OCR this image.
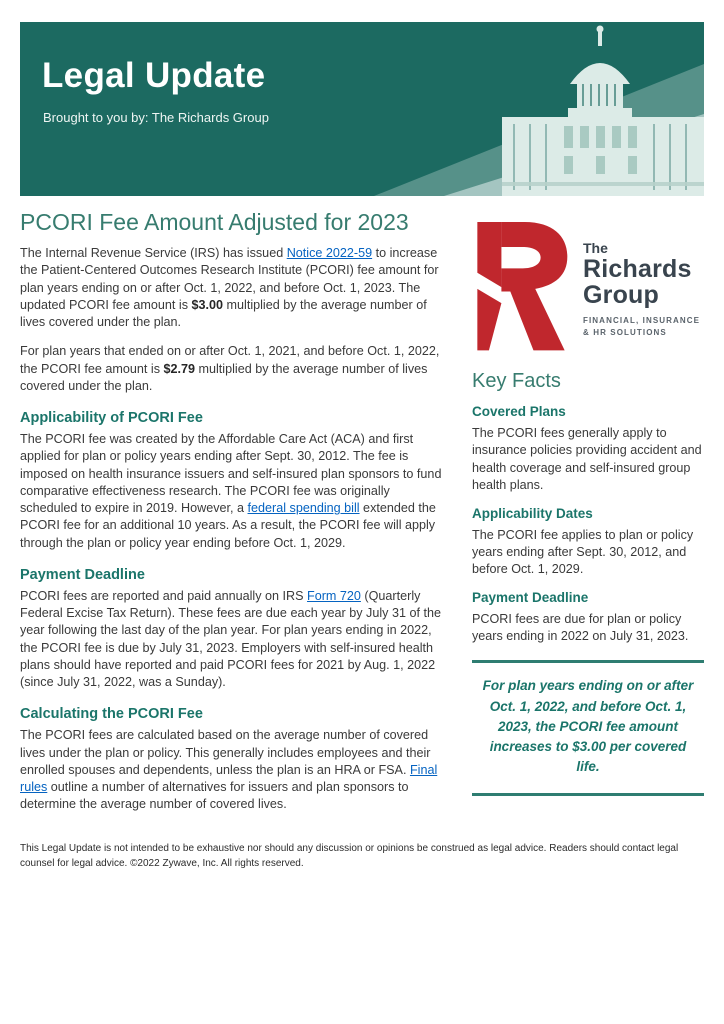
Legal Update

Brought to you by: The Richards Group

PCORI Fee Amount Adjusted for 2023

The Internal Revenue Service (IRS) has issued Notice 2022-59 to increase the Patient-Centered Outcomes Research Institute (PCORI) fee amount for plan years ending on or after Oct. 1, 2022, and before Oct. 1, 2023. The updated PCORI fee amount is $3.00 multiplied by the average number of lives covered under the plan.

For plan years that ended on or after Oct. 1, 2021, and before Oct. 1, 2022, the PCORI fee amount is $2.79 multiplied by the average number of lives covered under the plan.

Applicability of PCORI Fee

The PCORI fee was created by the Affordable Care Act (ACA) and first applied for plan or policy years ending after Sept. 30, 2012. The fee is imposed on health insurance issuers and self-insured plan sponsors to fund comparative effectiveness research. The PCORI fee was originally scheduled to expire in 2019. However, a federal spending bill extended the PCORI fee for an additional 10 years. As a result, the PCORI fee will apply through the plan or policy year ending before Oct. 1, 2029.

Payment Deadline

PCORI fees are reported and paid annually on IRS Form 720 (Quarterly Federal Excise Tax Return). These fees are due each year by July 31 of the year following the last day of the plan year. For plan years ending in 2022, the PCORI fee is due by July 31, 2023. Employers with self-insured health plans should have reported and paid PCORI fees for 2021 by Aug. 1, 2022 (since July 31, 2022, was a Sunday).

Calculating the PCORI Fee

The PCORI fees are calculated based on the average number of covered lives under the plan or policy. This generally includes employees and their enrolled spouses and dependents, unless the plan is an HRA or FSA. Final rules outline a number of alternatives for issuers and plan sponsors to determine the average number of covered lives.

The
Richards
Group
FINANCIAL, INSURANCE
& HR SOLUTIONS
Key Facts
Covered Plans

The PCORI fees generally apply to insurance policies providing accident and health coverage and self-insured group health plans.

Applicability Dates

The PCORI fee applies to plan or policy years ending after Sept. 30, 2012, and before Oct. 1, 2029.

Payment Deadline

PCORI fees are due for plan or policy years ending in 2022 on July 31, 2023.

For plan years ending on or after Oct. 1, 2022, and before Oct. 1, 2023, the PCORI fee amount increases to $3.00 per covered life.

This Legal Update is not intended to be exhaustive nor should any discussion or opinions be construed as legal advice. Readers should contact legal counsel for legal advice. ©2022 Zywave, Inc. All rights reserved.
